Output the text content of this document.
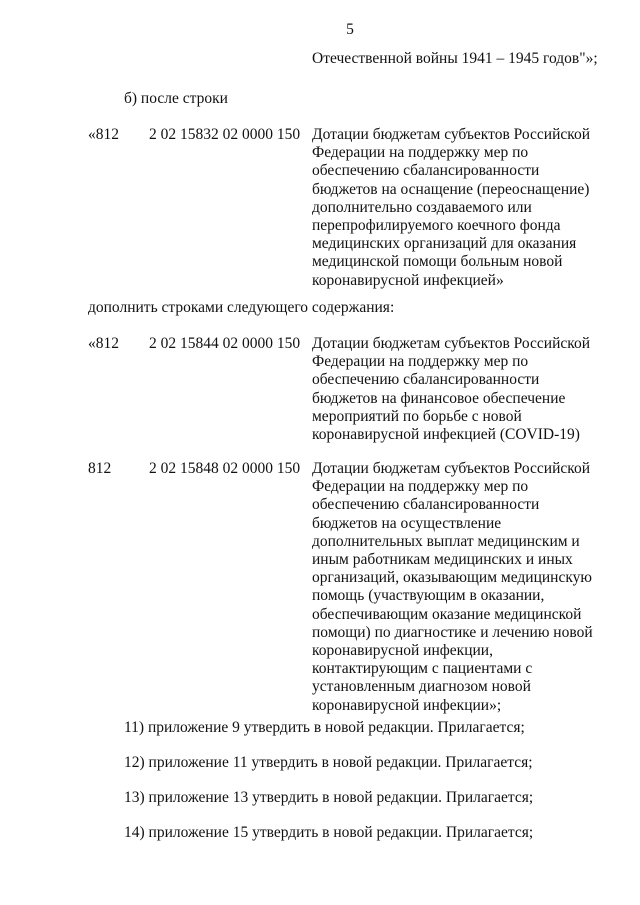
5
Отечественной войны 1941 – 1945 годов"»;
б) после строки
«812 2 02 15832 02 0000 150 Дотации бюджетам субъектов Российской
Федерации на поддержку мер по
обеспечению сбалансированности
бюджетов на оснащение (переоснащение)
дополнительно создаваемого или
перепрофилируемого коечного фонда
медицинских организаций для оказания
медицинской помощи больным новой
коронавирусной инфекцией»
дополнить строками следующего содержания:
«812 2 02 15844 02 0000 150 Дотации бюджетам субъектов Российской
Федерации на поддержку мер по
обеспечению сбалансированности
бюджетов на финансовое обеспечение
мероприятий по борьбе с новой
коронавирусной инфекцией (COVID-19)
812 2 02 15848 02 0000 150 Дотации бюджетам субъектов Российской
Федерации на поддержку мер по
обеспечению сбалансированности
бюджетов на осуществление
дополнительных выплат медицинским и
иным работникам медицинских и иных
организаций, оказывающим медицинскую
помощь (участвующим в оказании,
обеспечивающим оказание медицинской
помощи) по диагностике и лечению новой
коронавирусной инфекции,
контактирующим с пациентами с
установленным диагнозом новой
коронавирусной инфекции»;
11) приложение 9 утвердить в новой редакции. Прилагается;
12) приложение 11 утвердить в новой редакции. Прилагается;
13) приложение 13 утвердить в новой редакции. Прилагается;
14) приложение 15 утвердить в новой редакции. Прилагается;
